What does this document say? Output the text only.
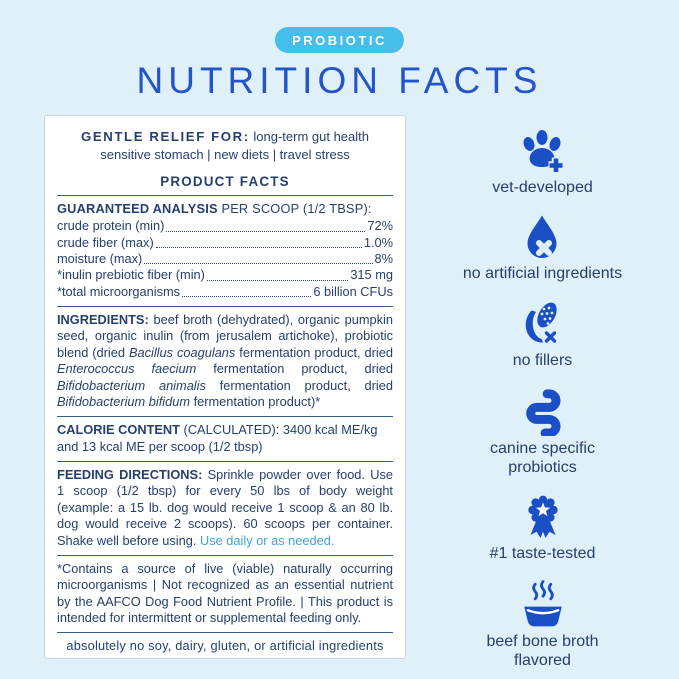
PROBIOTIC
NUTRITION FACTS
GENTLE RELIEF FOR: long-term gut health
sensitive stomach | new diets | travel stress
PRODUCT FACTS
GUARANTEED ANALYSIS PER SCOOP (1/2 TBSP):
crude protein (min)	72%
crude fiber (max)	1.0%
moisture (max)	8%
*inulin prebiotic fiber (min)	315 mg
*total microorganisms	6 billion CFUs
INGREDIENTS: beef broth (dehydrated), organic pumpkin seed, organic inulin (from jerusalem artichoke), probiotic blend (dried Bacillus coagulans fermentation product, dried Enterococcus faecium fermentation product, dried Bifidobacterium animalis fermentation product, dried Bifidobacterium bifidum fermentation product)*
CALORIE CONTENT (CALCULATED): 3400 kcal ME/kg and 13 kcal ME per scoop (1/2 tbsp)
FEEDING DIRECTIONS: Sprinkle powder over food. Use 1 scoop (1/2 tbsp) for every 50 lbs of body weight (example: a 15 lb. dog would receive 1 scoop & an 80 lb. dog would receive 2 scoops). 60 scoops per container. Shake well before using. Use daily or as needed.
*Contains a source of live (viable) naturally occurring microorganisms | Not recognized as an essential nutrient by the AAFCO Dog Food Nutrient Profile. | This product is intended for intermittent or supplemental feeding only.
absolutely no soy, dairy, gluten, or artificial ingredients
vet-developed
no artificial ingredients
no fillers
canine specific probiotics
#1 taste-tested
beef bone broth flavored
